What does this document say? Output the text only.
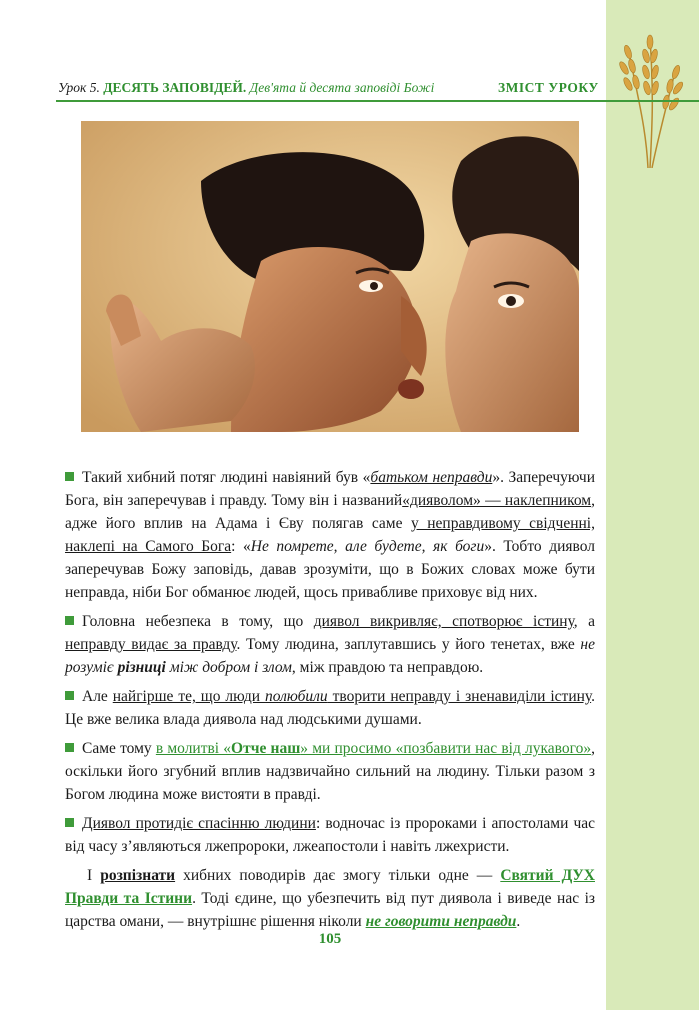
Урок 5. ДЕСЯТЬ ЗАПОВІДЕЙ. Дев'ята й десята заповіді Божі	ЗМІСТ УРОКУ

Такий хибний потяг людині навіяний був «батьком неправди». Заперечуючи Бога, він заперечував і правду. Тому він і названий«дияволом» — наклепником, адже його вплив на Адама і Єву полягав саме у неправдивому свідченні, наклепі на Самого Бога: «Не помрете, але будете, як боги». Тобто диявол заперечував Божу заповідь, давав зрозуміти, що в Божих словах може бути неправда, ніби Бог обманює людей, щось привабливе приховує від них.

Головна небезпека в тому, що диявол викривляє, спотворює істину, а неправду видає за правду. Тому людина, заплутавшись у його тенетах, вже не розуміє різниці між добром і злом, між правдою та неправдою.

Але найгірше те, що люди полюбили творити неправду і зненавиділи істину. Це вже велика влада диявола над людськими душами.

Саме тому в молитві «Отче наш» ми просимо «позбавити нас від лукавого», оскільки його згубний вплив надзвичайно сильний на людину. Тільки разом з Богом людина може вистояти в правді.

Диявол протидіє спасінню людини: водночас із пророками і апостолами час від часу з’являються лжепророки, лжеапостоли і навіть лжехристи.

І розпізнати хибних поводирів дає змогу тільки одне — Святий ДУХ Правди та Істини. Тоді єдине, що убезпечить від пут диявола і виведе нас із царства омани, — внутрішнє рішення ніколи не говорити неправди.

105
